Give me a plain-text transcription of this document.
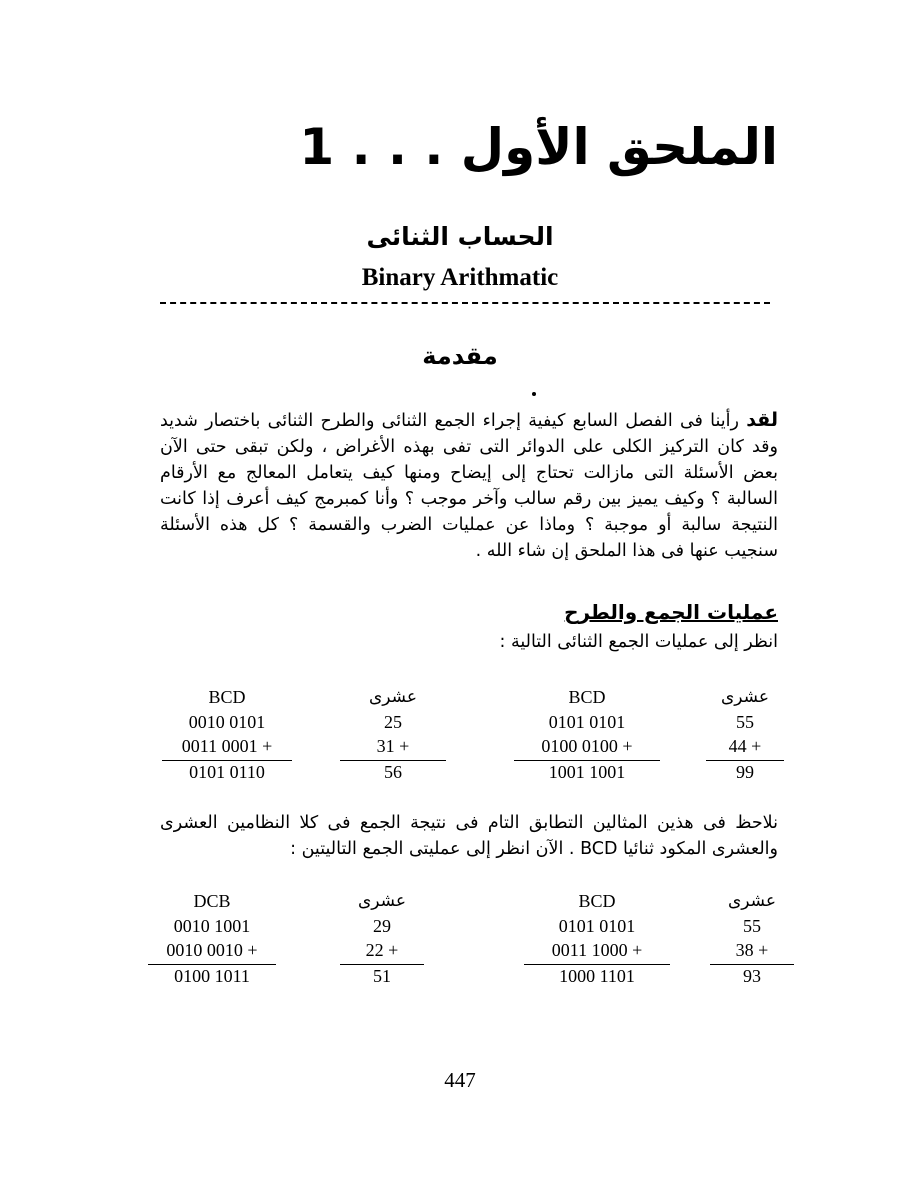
الملحق الأول . . . 1
الحساب الثنائى
Binary Arithmatic
مقدمة
لقد رأينا فى الفصل السابع كيفية إجراء الجمع الثنائى والطرح الثنائى باختصار شديد وقد كان التركيز الكلى على الدوائر التى تفى بهذه الأغراض ، ولكن تبقى حتى الآن بعض الأسئلة التى مازالت تحتاج إلى إيضاح ومنها كيف يتعامل المعالج مع الأرقام السالبة ؟ وكيف يميز بين رقم سالب وآخر موجب ؟ وأنا كمبرمج كيف أعرف إذا كانت النتيجة سالبة أو موجبة ؟ وماذا عن عمليات الضرب والقسمة ؟ كل هذه الأسئلة سنجيب عنها فى هذا الملحق إن شاء الله .
عمليات الجمع والطرح
انظر إلى عمليات الجمع الثنائى التالية :
BCD
0010 0101
0011 0001 +
0101 0110
عشرى
25
31 +
56
BCD
0101 0101
0100 0100 +
1001 1001
عشرى
55
44 +
99
نلاحظ فى هذين المثالين التطابق التام فى نتيجة الجمع فى كلا النظامين العشرى والعشرى المكود ثنائيا BCD . الآن انظر إلى عمليتى الجمع التاليتين :
DCB
0010 1001
0010 0010 +
0100 1011
عشرى
29
22 +
51
BCD
0101 0101
0011 1000 +
1000 1101
عشرى
55
38 +
93
447
